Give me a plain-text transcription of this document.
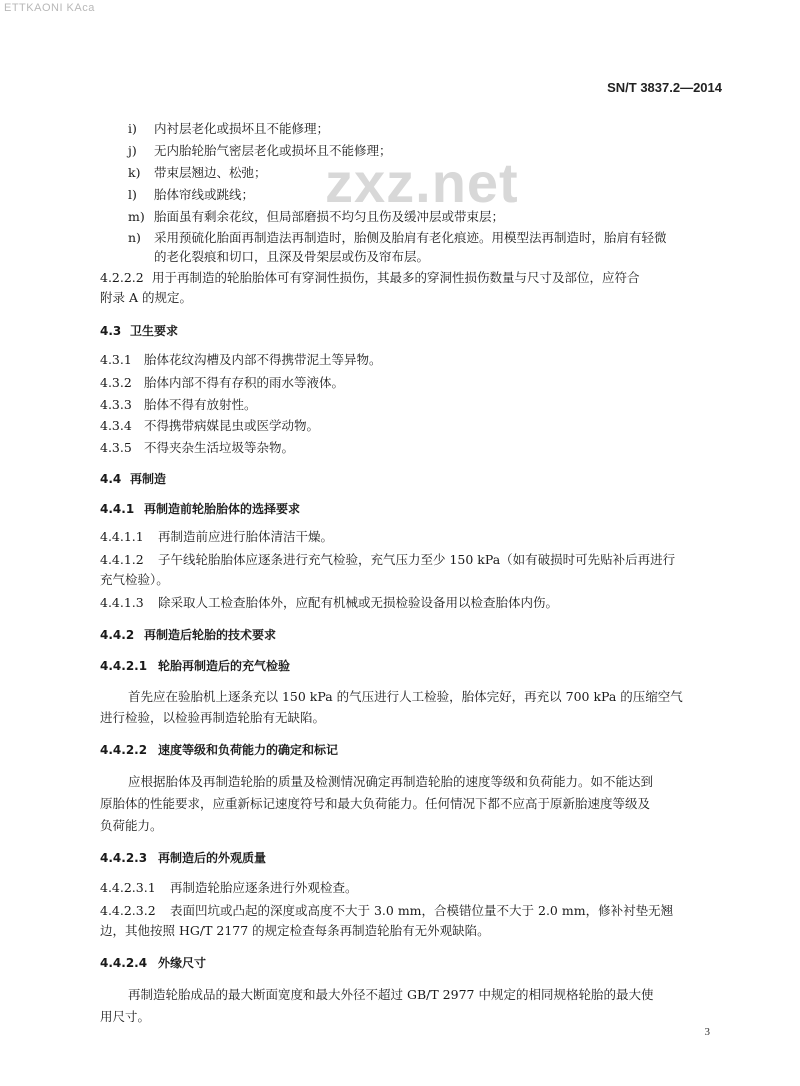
ETTKAONI KAca
SN/T 3837.2—2014
zxz.net
i) 内衬层老化或损坏且不能修理；
j) 无内胎轮胎气密层老化或损坏且不能修理；
k) 带束层翘边、松弛；
l) 胎体帘线或跳线；
m) 胎面虽有剩余花纹，但局部磨损不均匀且伤及缓冲层或带束层；
n) 采用预硫化胎面再制造法再制造时，胎侧及胎肩有老化痕迹。用模型法再制造时，胎肩有轻微
的老化裂痕和切口，且深及骨架层或伤及帘布层。
4.2.2.2 用于再制造的轮胎胎体可有穿洞性损伤，其最多的穿洞性损伤数量与尺寸及部位，应符合
附录 A 的规定。
4.3 卫生要求
4.3.1 胎体花纹沟槽及内部不得携带泥土等异物。
4.3.2 胎体内部不得有存积的雨水等液体。
4.3.3 胎体不得有放射性。
4.3.4 不得携带病媒昆虫或医学动物。
4.3.5 不得夹杂生活垃圾等杂物。
4.4 再制造
4.4.1 再制造前轮胎胎体的选择要求
4.4.1.1 再制造前应进行胎体清洁干燥。
4.4.1.2 子午线轮胎胎体应逐条进行充气检验，充气压力至少 150 kPa（如有破损时可先贴补后再进行
充气检验）。
4.4.1.3 除采取人工检查胎体外，应配有机械或无损检验设备用以检查胎体内伤。
4.4.2 再制造后轮胎的技术要求
4.4.2.1 轮胎再制造后的充气检验
首先应在验胎机上逐条充以 150 kPa 的气压进行人工检验，胎体完好，再充以 700 kPa 的压缩空气
进行检验，以检验再制造轮胎有无缺陷。
4.4.2.2 速度等级和负荷能力的确定和标记
应根据胎体及再制造轮胎的质量及检测情况确定再制造轮胎的速度等级和负荷能力。如不能达到
原胎体的性能要求，应重新标记速度符号和最大负荷能力。任何情况下都不应高于原新胎速度等级及
负荷能力。
4.4.2.3 再制造后的外观质量
4.4.2.3.1 再制造轮胎应逐条进行外观检查。
4.4.2.3.2 表面凹坑或凸起的深度或高度不大于 3.0 mm，合模错位量不大于 2.0 mm，修补衬垫无翘
边，其他按照 HG/T 2177 的规定检查每条再制造轮胎有无外观缺陷。
4.4.2.4 外缘尺寸
再制造轮胎成品的最大断面宽度和最大外径不超过 GB/T 2977 中规定的相同规格轮胎的最大使
用尺寸。
3
